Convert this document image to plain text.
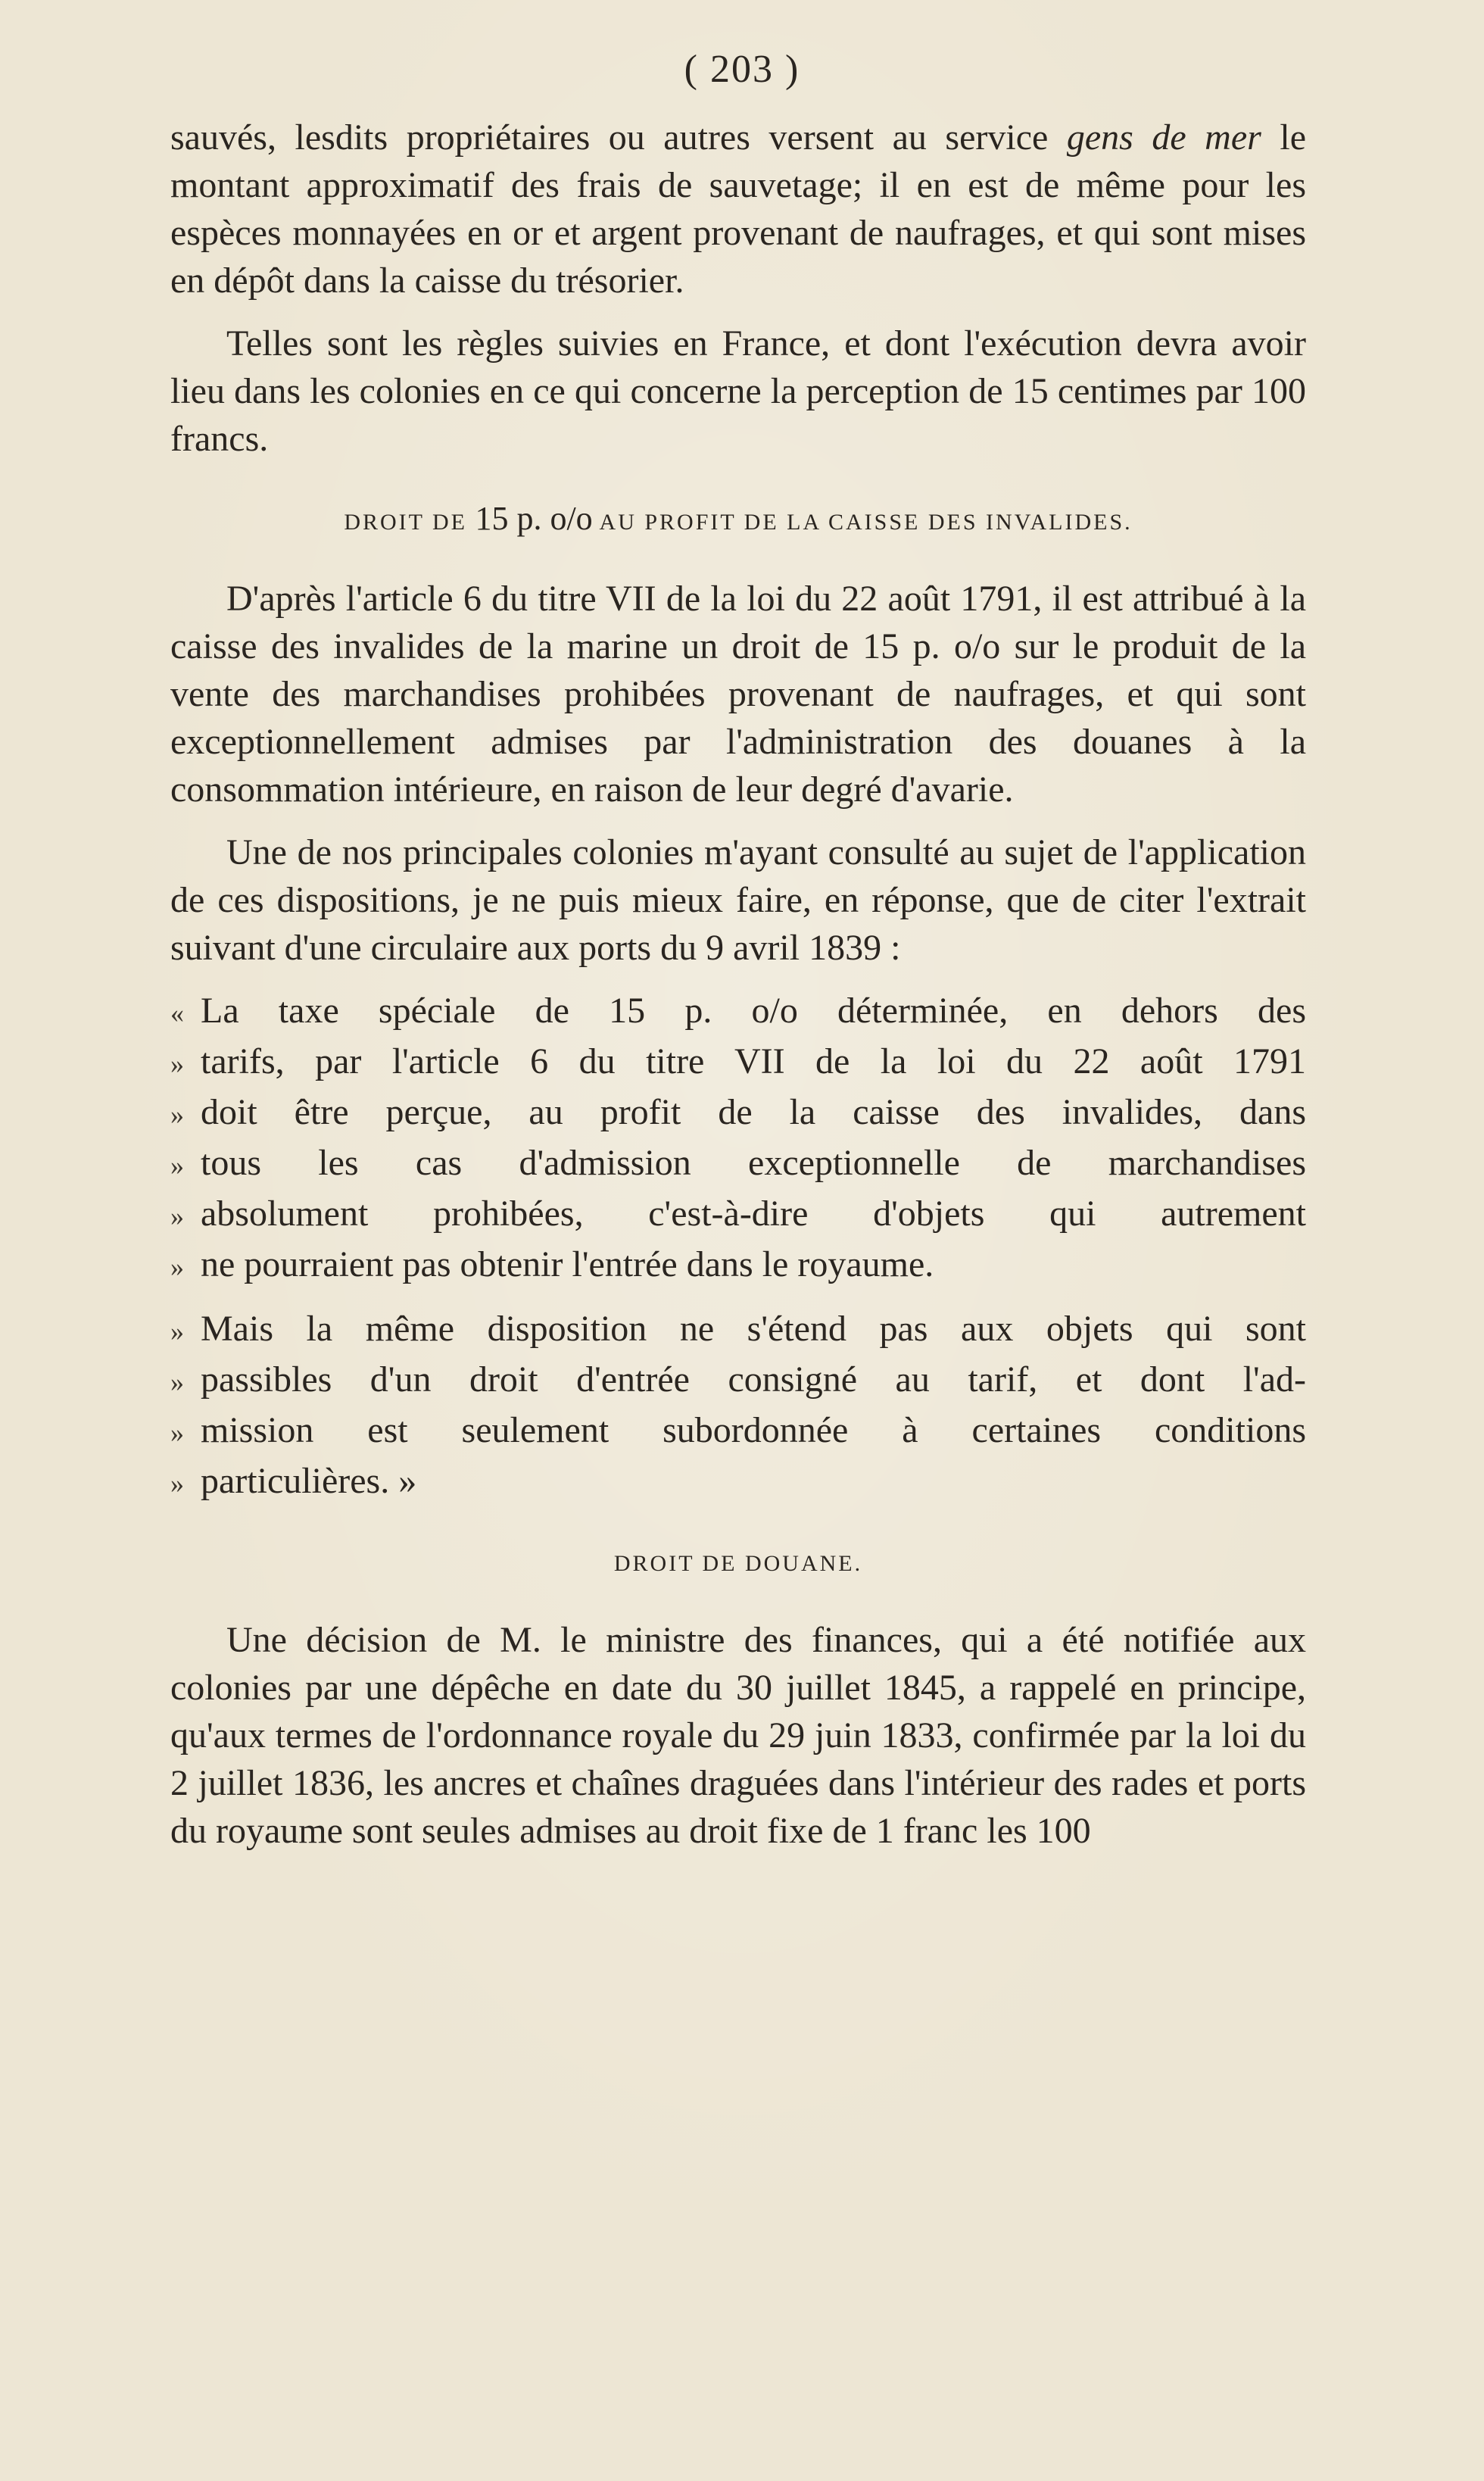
( 203 )

sauvés, lesdits propriétaires ou autres versent au service gens de mer le montant approximatif des frais de sauvetage; il en est de même pour les espèces monnayées en or et argent provenant de naufrages, et qui sont mises en dépôt dans la caisse du trésorier.

Telles sont les règles suivies en France, et dont l'exécution devra avoir lieu dans les colonies en ce qui concerne la perception de 15 centimes par 100 francs.

DROIT DE 15 p. o/o AU PROFIT DE LA CAISSE DES INVALIDES.

D'après l'article 6 du titre VII de la loi du 22 août 1791, il est attribué à la caisse des invalides de la marine un droit de 15 p. o/o sur le produit de la vente des marchandises prohibées provenant de naufrages, et qui sont exceptionnellement admises par l'administration des douanes à la consommation intérieure, en raison de leur degré d'avarie.

Une de nos principales colonies m'ayant consulté au sujet de l'application de ces dispositions, je ne puis mieux faire, en réponse, que de citer l'extrait suivant d'une circulaire aux ports du 9 avril 1839 :

« La taxe spéciale de 15 p. o/o déterminée, en dehors des
» tarifs, par l'article 6 du titre VII de la loi du 22 août 1791
» doit être perçue, au profit de la caisse des invalides, dans
» tous les cas d'admission exceptionnelle de marchandises
» absolument prohibées, c'est-à-dire d'objets qui autrement
» ne pourraient pas obtenir l'entrée dans le royaume.
» Mais la même disposition ne s'étend pas aux objets qui sont
» passibles d'un droit d'entrée consigné au tarif, et dont l'ad-
» mission est seulement subordonnée à certaines conditions
» particulières. »
DROIT DE DOUANE.

Une décision de M. le ministre des finances, qui a été notifiée aux colonies par une dépêche en date du 30 juillet 1845, a rappelé en principe, qu'aux termes de l'ordonnance royale du 29 juin 1833, confirmée par la loi du 2 juillet 1836, les ancres et chaînes draguées dans l'intérieur des rades et ports du royaume sont seules admises au droit fixe de 1 franc les 100
